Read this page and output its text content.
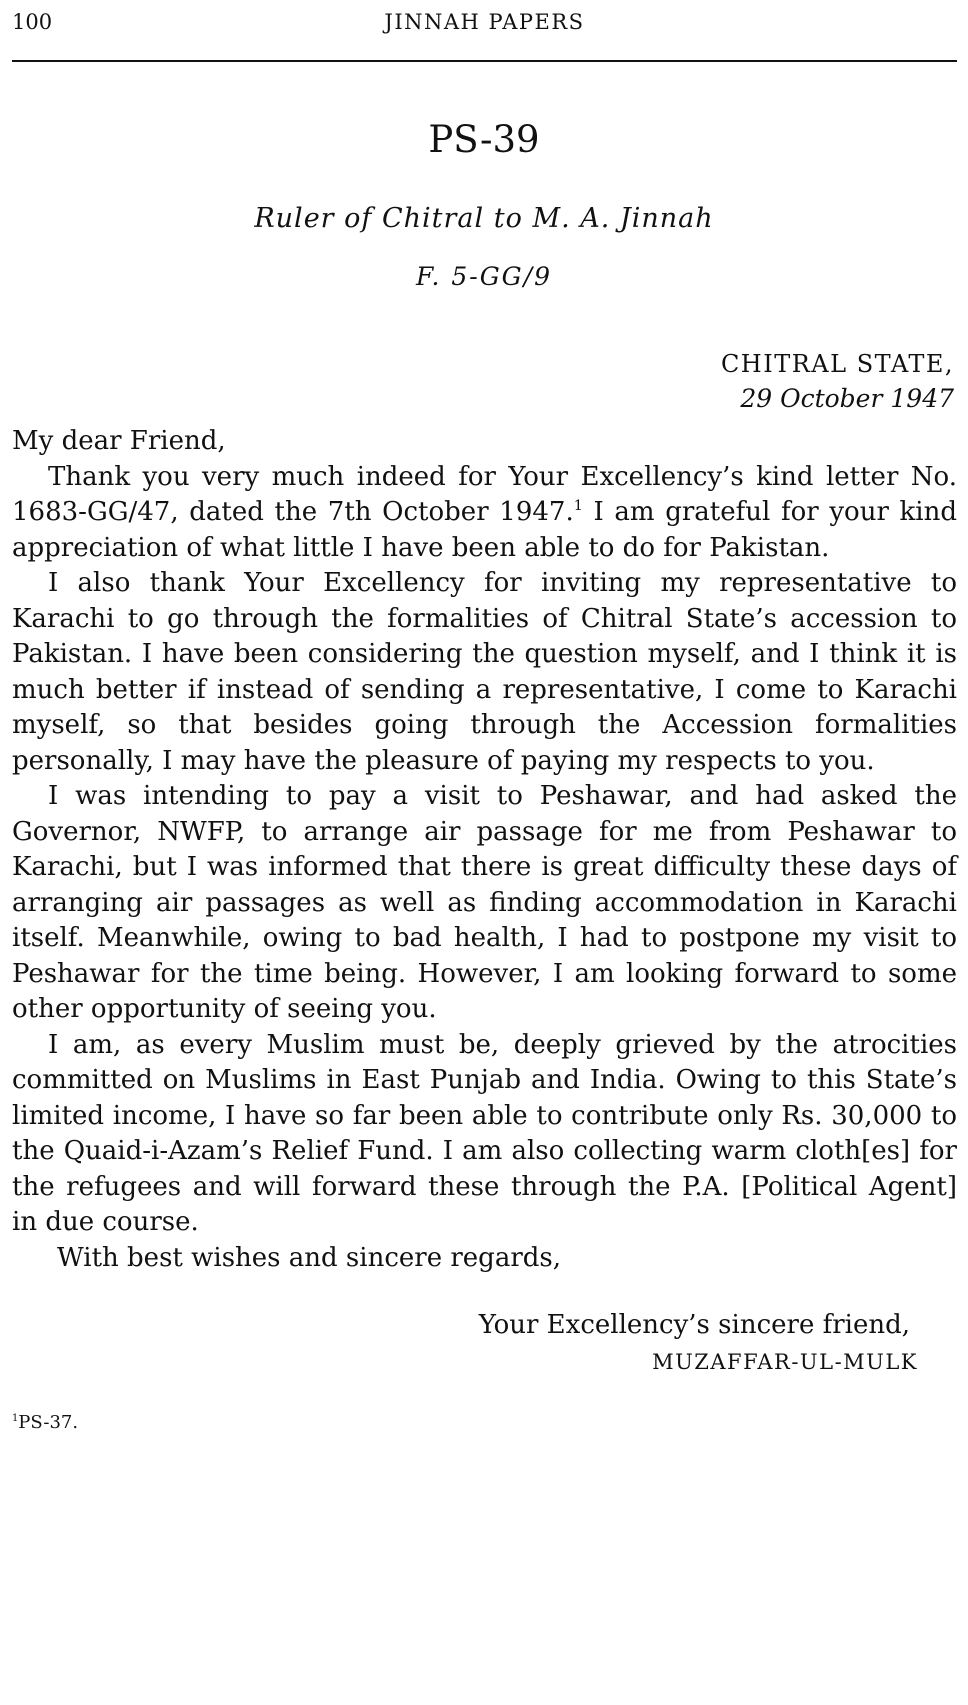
100	JINNAH PAPERS
PS-39
Ruler of Chitral to M. A. Jinnah
F. 5-GG/9
CHITRAL STATE,
29 October 1947

My dear Friend,

Thank you very much indeed for Your Excellency’s kind letter No. 1683-GG/47, dated the 7th October 1947.$^1$ I am grateful for your kind appreciation of what little I have been able to do for Pakistan.

I also thank Your Excellency for inviting my representative to Karachi to go through the formalities of Chitral State’s accession to Pakistan. I have been considering the question myself, and I think it is much better if instead of sending a representative, I come to Karachi myself, so that besides going through the Accession formalities personally, I may have the pleasure of paying my respects to you.

I was intending to pay a visit to Peshawar, and had asked the Governor, NWFP, to arrange air passage for me from Peshawar to Karachi, but I was informed that there is great difficulty these days of arranging air passages as well as finding accommodation in Karachi itself. Meanwhile, owing to bad health, I had to postpone my visit to Peshawar for the time being. However, I am looking forward to some other opportunity of seeing you.

I am, as every Muslim must be, deeply grieved by the atrocities committed on Muslims in East Punjab and India. Owing to this State’s limited income, I have so far been able to contribute only Rs. 30,000 to the Quaid-i-Azam’s Relief Fund. I am also collecting warm cloth[es] for the refugees and will forward these through the P.A. [Political Agent] in due course.

With best wishes and sincere regards,

Your Excellency’s sincere friend,
MUZAFFAR-UL-MULK
$^1$PS-37.
